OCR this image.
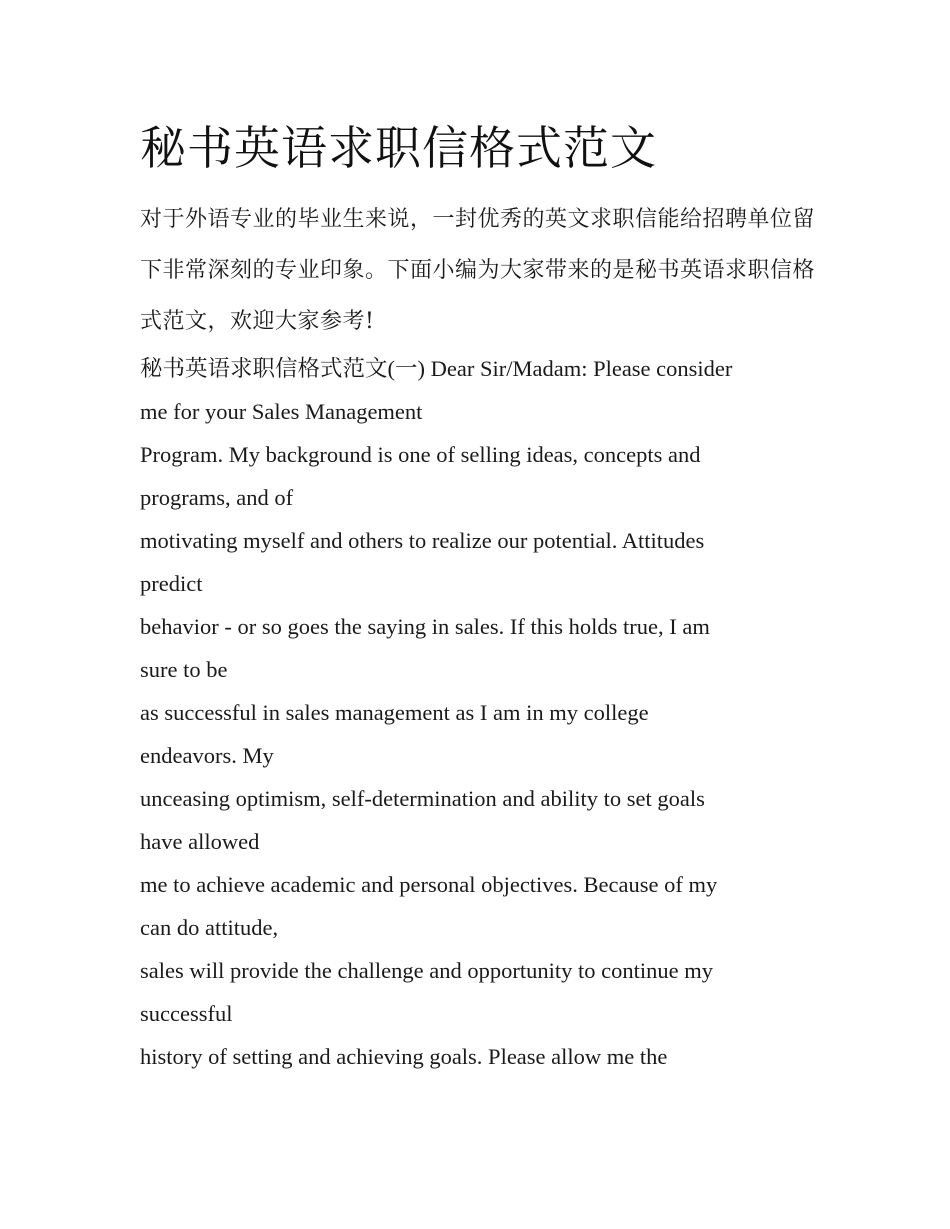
秘书英语求职信格式范文

对于外语专业的毕业生来说，一封优秀的英文求职信能给招聘单位留下非常深刻的专业印象。下面小编为大家带来的是秘书英语求职信格式范文，欢迎大家参考!

秘书英语求职信格式范文(一) Dear Sir/Madam: Please consider
me for your Sales Management
Program. My background is one of selling ideas, concepts and
programs, and of
motivating myself and others to realize our potential. Attitudes
predict
behavior - or so goes the saying in sales. If this holds true, I am
sure to be
as successful in sales management as I am in my college
endeavors. My
unceasing optimism, self-determination and ability to set goals
have allowed
me to achieve academic and personal objectives. Because of my
can do attitude,
sales will provide the challenge and opportunity to continue my
successful
history of setting and achieving goals. Please allow me the
